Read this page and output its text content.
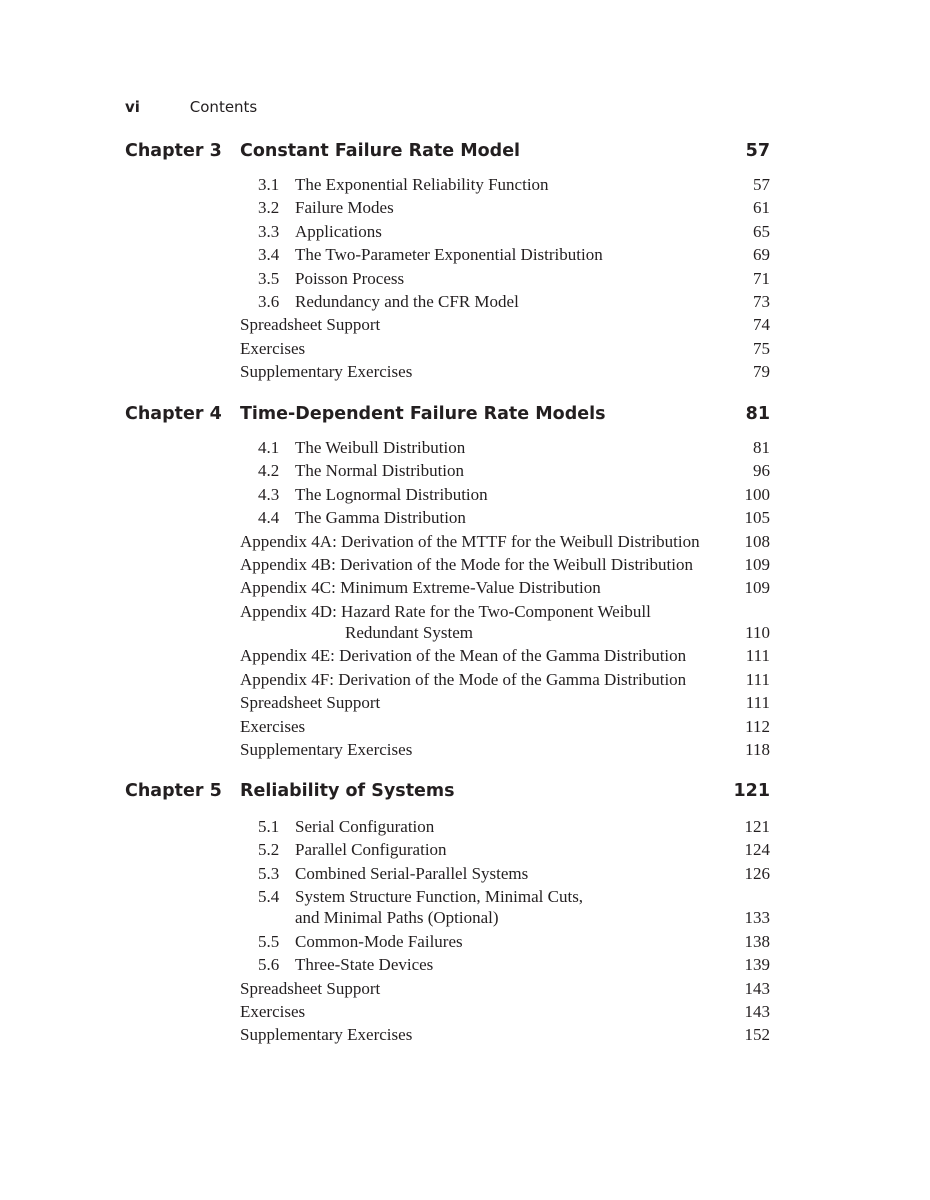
vi	Contents
Chapter 3 Constant Failure Rate Model	57
3.1 The Exponential Reliability Function	57
3.2 Failure Modes	61
3.3 Applications	65
3.4 The Two-Parameter Exponential Distribution	69
3.5 Poisson Process	71
3.6 Redundancy and the CFR Model	73
Spreadsheet Support	74
Exercises	75
Supplementary Exercises	79
Chapter 4 Time-Dependent Failure Rate Models	81
4.1 The Weibull Distribution	81
4.2 The Normal Distribution	96
4.3 The Lognormal Distribution	100
4.4 The Gamma Distribution	105
Appendix 4A: Derivation of the MTTF for the Weibull Distribution	108
Appendix 4B: Derivation of the Mode for the Weibull Distribution	109
Appendix 4C: Minimum Extreme-Value Distribution	109
Appendix 4D: Hazard Rate for the Two-Component Weibull
Redundant System	110
Appendix 4E: Derivation of the Mean of the Gamma Distribution	111
Appendix 4F: Derivation of the Mode of the Gamma Distribution	111
Spreadsheet Support	111
Exercises	112
Supplementary Exercises	118
Chapter 5 Reliability of Systems	121
5.1 Serial Configuration	121
5.2 Parallel Configuration	124
5.3 Combined Serial-Parallel Systems	126
5.4 System Structure Function, Minimal Cuts,
and Minimal Paths (Optional)	133
5.5 Common-Mode Failures	138
5.6 Three-State Devices	139
Spreadsheet Support	143
Exercises	143
Supplementary Exercises	152
